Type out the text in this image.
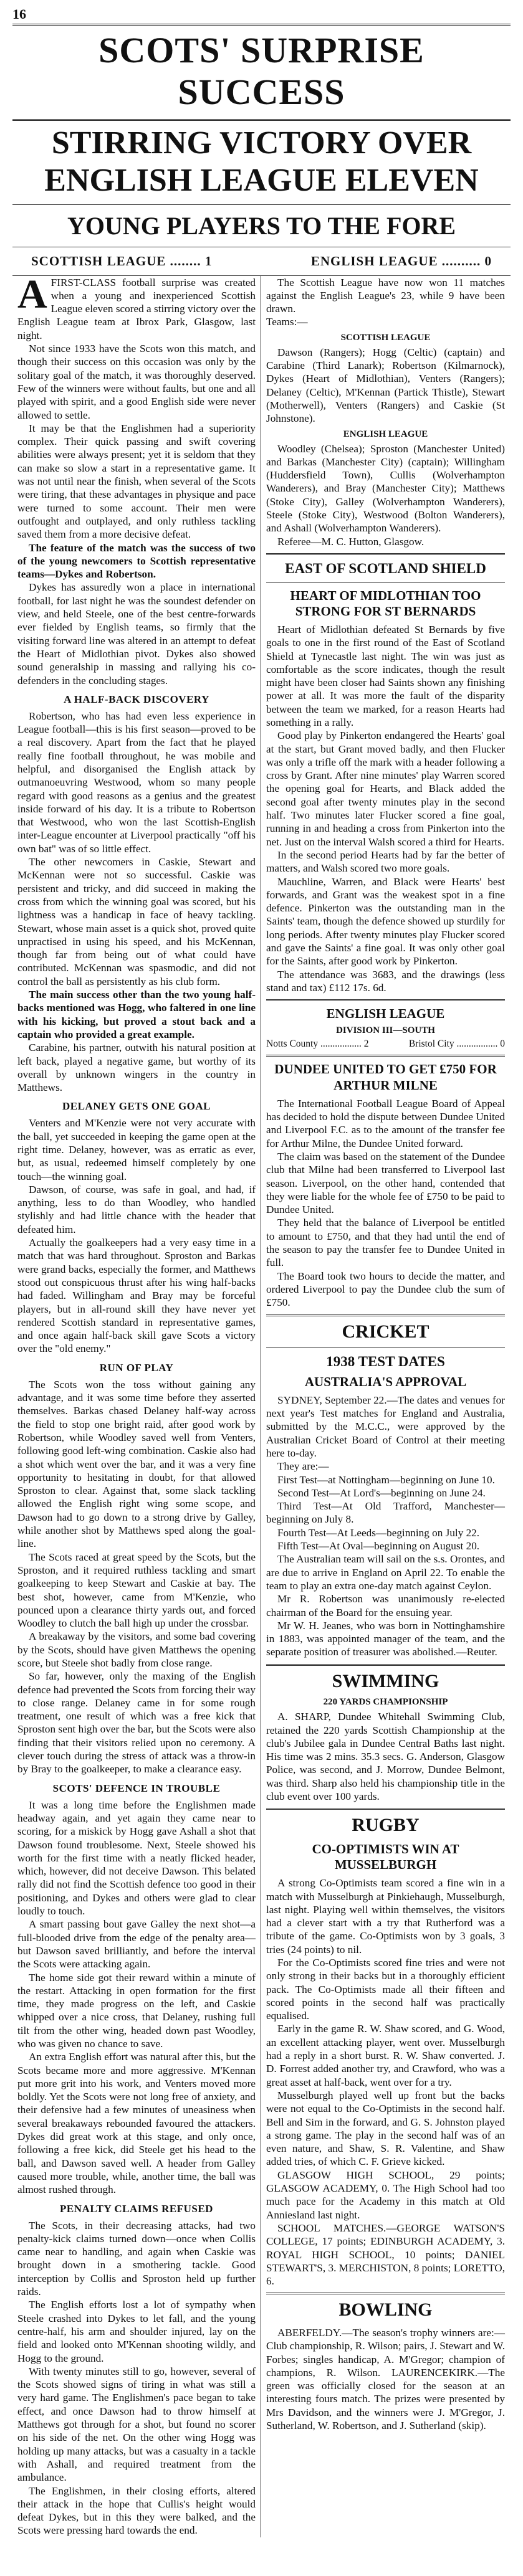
16
SCOTS' SURPRISE SUCCESS
STIRRING VICTORY OVER ENGLISH LEAGUE ELEVEN
YOUNG PLAYERS TO THE FORE
SCOTTISH LEAGUE ........ 1	ENGLISH LEAGUE .......... 0

AFIRST-CLASS football surprise was created when a young and inexperienced Scottish League eleven scored a stirring victory over the English League team at Ibrox Park, Glasgow, last night.

Not since 1933 have the Scots won this match, and though their success on this occasion was only by the solitary goal of the match, it was thoroughly deserved. Few of the winners were without faults, but one and all played with spirit, and a good English side were never allowed to settle.

It may be that the Englishmen had a superiority complex. Their quick passing and swift covering abilities were always present; yet it is seldom that they can make so slow a start in a representative game. It was not until near the finish, when several of the Scots were tiring, that these advantages in physique and pace were turned to some account. Their men were outfought and outplayed, and only ruthless tackling saved them from a more decisive defeat.

The feature of the match was the success of two of the young newcomers to Scottish representative teams—Dykes and Robertson.

Dykes has assuredly won a place in international football, for last night he was the soundest defender on view, and held Steele, one of the best centre-forwards ever fielded by English teams, so firmly that the visiting forward line was altered in an attempt to defeat the Heart of Midlothian pivot. Dykes also showed sound generalship in massing and rallying his co-defenders in the concluding stages.

A HALF-BACK DISCOVERY

Robertson, who has had even less experience in League football—this is his first season—proved to be a real discovery. Apart from the fact that he played really fine football throughout, he was mobile and helpful, and disorganised the English attack by outmanoeuvring Westwood, whom so many people regard with good reasons as a genius and the greatest inside forward of his day. It is a tribute to Robertson that Westwood, who won the last Scottish-English inter-League encounter at Liverpool practically "off his own bat" was of so little effect.

The other newcomers in Caskie, Stewart and McKennan were not so successful. Caskie was persistent and tricky, and did succeed in making the cross from which the winning goal was scored, but his lightness was a handicap in face of heavy tackling. Stewart, whose main asset is a quick shot, proved quite unpractised in using his speed, and his McKennan, though far from being out of what could have contributed. McKennan was spasmodic, and did not control the ball as persistently as his club form.

The main success other than the two young half-backs mentioned was Hogg, who faltered in one line with his kicking, but proved a stout back and a captain who provided a great example.

Carabine, his partner, outwith his natural position at left back, played a negative game, but worthy of its overall by unknown wingers in the country in Matthews.

DELANEY GETS ONE GOAL

Venters and M'Kenzie were not very accurate with the ball, yet succeeded in keeping the game open at the right time. Delaney, however, was as erratic as ever, but, as usual, redeemed himself completely by one touch—the winning goal.

Dawson, of course, was safe in goal, and had, if anything, less to do than Woodley, who handled stylishly and had little chance with the header that defeated him.

Actually the goalkeepers had a very easy time in a match that was hard throughout. Sproston and Barkas were grand backs, especially the former, and Matthews stood out conspicuous thrust after his wing half-backs had faded. Willingham and Bray may be forceful players, but in all-round skill they have never yet rendered Scottish standard in representative games, and once again half-back skill gave Scots a victory over the "old enemy."

RUN OF PLAY

The Scots won the toss without gaining any advantage, and it was some time before they asserted themselves. Barkas chased Delaney half-way across the field to stop one bright raid, after good work by Robertson, while Woodley saved well from Venters, following good left-wing combination. Caskie also had a shot which went over the bar, and it was a very fine opportunity to hesitating in doubt, for that allowed Sproston to clear. Against that, some slack tackling allowed the English right wing some scope, and Dawson had to go down to a strong drive by Galley, while another shot by Matthews sped along the goal-line.

The Scots raced at great speed by the Scots, but the Sproston, and it required ruthless tackling and smart goalkeeping to keep Stewart and Caskie at bay. The best shot, however, came from M'Kenzie, who pounced upon a clearance thirty yards out, and forced Woodley to clutch the ball high up under the crossbar.

A breakaway by the visitors, and some bad covering by the Scots, should have given Matthews the opening score, but Steele shot badly from close range.

So far, however, only the maxing of the English defence had prevented the Scots from forcing their way to close range. Delaney came in for some rough treatment, one result of which was a free kick that Sproston sent high over the bar, but the Scots were also finding that their visitors relied upon no ceremony. A clever touch during the stress of attack was a throw-in by Bray to the goalkeeper, to make a clearance easy.

SCOTS' DEFENCE IN TROUBLE

It was a long time before the Englishmen made headway again, and yet again they came near to scoring, for a miskick by Hogg gave Ashall a shot that Dawson found troublesome. Next, Steele showed his worth for the first time with a neatly flicked header, which, however, did not deceive Dawson. This belated rally did not find the Scottish defence too good in their positioning, and Dykes and others were glad to clear loudly to touch.

A smart passing bout gave Galley the next shot—a full-blooded drive from the edge of the penalty area—but Dawson saved brilliantly, and before the interval the Scots were attacking again.

The home side got their reward within a minute of the restart. Attacking in open formation for the first time, they made progress on the left, and Caskie whipped over a nice cross, that Delaney, rushing full tilt from the other wing, headed down past Woodley, who was given no chance to save.

An extra English effort was natural after this, but the Scots became more and more aggressive. M'Kennan put more grit into his work, and Venters moved more boldly. Yet the Scots were not long free of anxiety, and their defensive had a few minutes of uneasiness when several breakaways rebounded favoured the attackers. Dykes did great work at this stage, and only once, following a free kick, did Steele get his head to the ball, and Dawson saved well. A header from Galley caused more trouble, while, another time, the ball was almost rushed through.

PENALTY CLAIMS REFUSED

The Scots, in their decreasing attacks, had two penalty-kick claims turned down—once when Collis came near to handling, and again when Caskie was brought down in a smothering tackle. Good interception by Collis and Sproston held up further raids.

The English efforts lost a lot of sympathy when Steele crashed into Dykes to let fall, and the young centre-half, his arm and shoulder injured, lay on the field and looked onto M'Kennan shooting wildly, and Hogg to the ground.

With twenty minutes still to go, however, several of the Scots showed signs of tiring in what was still a very hard game. The Englishmen's pace began to take effect, and once Dawson had to throw himself at Matthews got through for a shot, but found no scorer on his side of the net. On the other wing Hogg was holding up many attacks, but was a casualty in a tackle with Ashall, and required treatment from the ambulance.

The Englishmen, in their closing efforts, altered their attack in the hope that Cullis's height would defeat Dykes, but in this they were balked, and the Scots were pressing hard towards the end.

The Scottish League have now won 11 matches against the English League's 23, while 9 have been drawn.

Teams:—

SCOTTISH LEAGUE

Dawson (Rangers); Hogg (Celtic) (captain) and Carabine (Third Lanark); Robertson (Kilmarnock), Dykes (Heart of Midlothian), Venters (Rangers); Delaney (Celtic), M'Kennan (Partick Thistle), Stewart (Motherwell), Venters (Rangers) and Caskie (St Johnstone).

ENGLISH LEAGUE

Woodley (Chelsea); Sproston (Manchester United) and Barkas (Manchester City) (captain); Willingham (Huddersfield Town), Cullis (Wolverhampton Wanderers), and Bray (Manchester City); Matthews (Stoke City), Galley (Wolverhampton Wanderers), Steele (Stoke City), Westwood (Bolton Wanderers), and Ashall (Wolverhampton Wanderers).

Referee—M. C. Hutton, Glasgow.

EAST OF SCOTLAND SHIELD
HEART OF MIDLOTHIAN TOO STRONG FOR ST BERNARDS

Heart of Midlothian defeated St Bernards by five goals to one in the first round of the East of Scotland Shield at Tynecastle last night. The win was just as comfortable as the score indicates, though the result might have been closer had Saints shown any finishing power at all. It was more the fault of the disparity between the team we marked, for a reason Hearts had something in a rally.

Good play by Pinkerton endangered the Hearts' goal at the start, but Grant moved badly, and then Flucker was only a trifle off the mark with a header following a cross by Grant. After nine minutes' play Warren scored the opening goal for Hearts, and Black added the second goal after twenty minutes play in the second half. Two minutes later Flucker scored a fine goal, running in and heading a cross from Pinkerton into the net. Just on the interval Walsh scored a third for Hearts.

In the second period Hearts had by far the better of matters, and Walsh scored two more goals.

Mauchline, Warren, and Black were Hearts' best forwards, and Grant was the weakest spot in a fine defence. Pinkerton was the outstanding man in the Saints' team, though the defence showed up sturdily for long periods. After twenty minutes play Flucker scored and gave the Saints' a fine goal. It was only other goal for the Saints, after good work by Pinkerton.

The attendance was 3683, and the drawings (less stand and tax) £112 17s. 6d.

ENGLISH LEAGUE
DIVISION III—SOUTH
Notts County ................. 2	Bristol City ................. 0
DUNDEE UNITED TO GET £750 FOR ARTHUR MILNE

The International Football League Board of Appeal has decided to hold the dispute between Dundee United and Liverpool F.C. as to the amount of the transfer fee for Arthur Milne, the Dundee United forward.

The claim was based on the statement of the Dundee club that Milne had been transferred to Liverpool last season. Liverpool, on the other hand, contended that they were liable for the whole fee of £750 to be paid to Dundee United.

They held that the balance of Liverpool be entitled to amount to £750, and that they had until the end of the season to pay the transfer fee to Dundee United in full.

The Board took two hours to decide the matter, and ordered Liverpool to pay the Dundee club the sum of £750.

CRICKET
1938 TEST DATES
AUSTRALIA'S APPROVAL

SYDNEY, September 22.—The dates and venues for next year's Test matches for England and Australia, submitted by the M.C.C., were approved by the Australian Cricket Board of Control at their meeting here to-day.

They are:—

First Test—at Nottingham—beginning on June 10.

Second Test—At Lord's—beginning on June 24.

Third Test—At Old Trafford, Manchester—beginning on July 8.

Fourth Test—At Leeds—beginning on July 22.

Fifth Test—At Oval—beginning on August 20.

The Australian team will sail on the s.s. Orontes, and are due to arrive in England on April 22. To enable the team to play an extra one-day match against Ceylon.

Mr R. Robertson was unanimously re-elected chairman of the Board for the ensuing year.

Mr W. H. Jeanes, who was born in Nottinghamshire in 1883, was appointed manager of the team, and the separate position of treasurer was abolished.—Reuter.

SWIMMING
220 YARDS CHAMPIONSHIP

A. SHARP, Dundee Whitehall Swimming Club, retained the 220 yards Scottish Championship at the club's Jubilee gala in Dundee Central Baths last night. His time was 2 mins. 35.3 secs. G. Anderson, Glasgow Police, was second, and J. Morrow, Dundee Belmont, was third. Sharp also held his championship title in the club event over 100 yards.

RUGBY
CO-OPTIMISTS WIN AT MUSSELBURGH

A strong Co-Optimists team scored a fine win in a match with Musselburgh at Pinkiehaugh, Musselburgh, last night. Playing well within themselves, the visitors had a clever start with a try that Rutherford was a tribute of the game. Co-Optimists won by 3 goals, 3 tries (24 points) to nil.

For the Co-Optimists scored fine tries and were not only strong in their backs but in a thoroughly efficient pack. The Co-Optimists made all their fifteen and scored points in the second half was practically equalised.

Early in the game R. W. Shaw scored, and G. Wood, an excellent attacking player, went over. Musselburgh had a reply in a short burst. R. W. Shaw converted. J. D. Forrest added another try, and Crawford, who was a great asset at half-back, went over for a try.

Musselburgh played well up front but the backs were not equal to the Co-Optimists in the second half. Bell and Sim in the forward, and G. S. Johnston played a strong game. The play in the second half was of an even nature, and Shaw, S. R. Valentine, and Shaw added tries, of which C. F. Grieve kicked.

GLASGOW HIGH SCHOOL, 29 points; GLASGOW ACADEMY, 0. The High School had too much pace for the Academy in this match at Old Anniesland last night.

SCHOOL MATCHES.—GEORGE WATSON'S COLLEGE, 17 points; EDINBURGH ACADEMY, 3. ROYAL HIGH SCHOOL, 10 points; DANIEL STEWART'S, 3. MERCHISTON, 8 points; LORETTO, 6.

BOWLING

ABERFELDY.—The season's trophy winners are:—Club championship, R. Wilson; pairs, J. Stewart and W. Forbes; singles handicap, A. M'Gregor; champion of champions, R. Wilson. LAURENCEKIRK.—The green was officially closed for the season at an interesting fours match. The prizes were presented by Mrs Davidson, and the winners were J. M'Gregor, J. Sutherland, W. Robertson, and J. Sutherland (skip).
